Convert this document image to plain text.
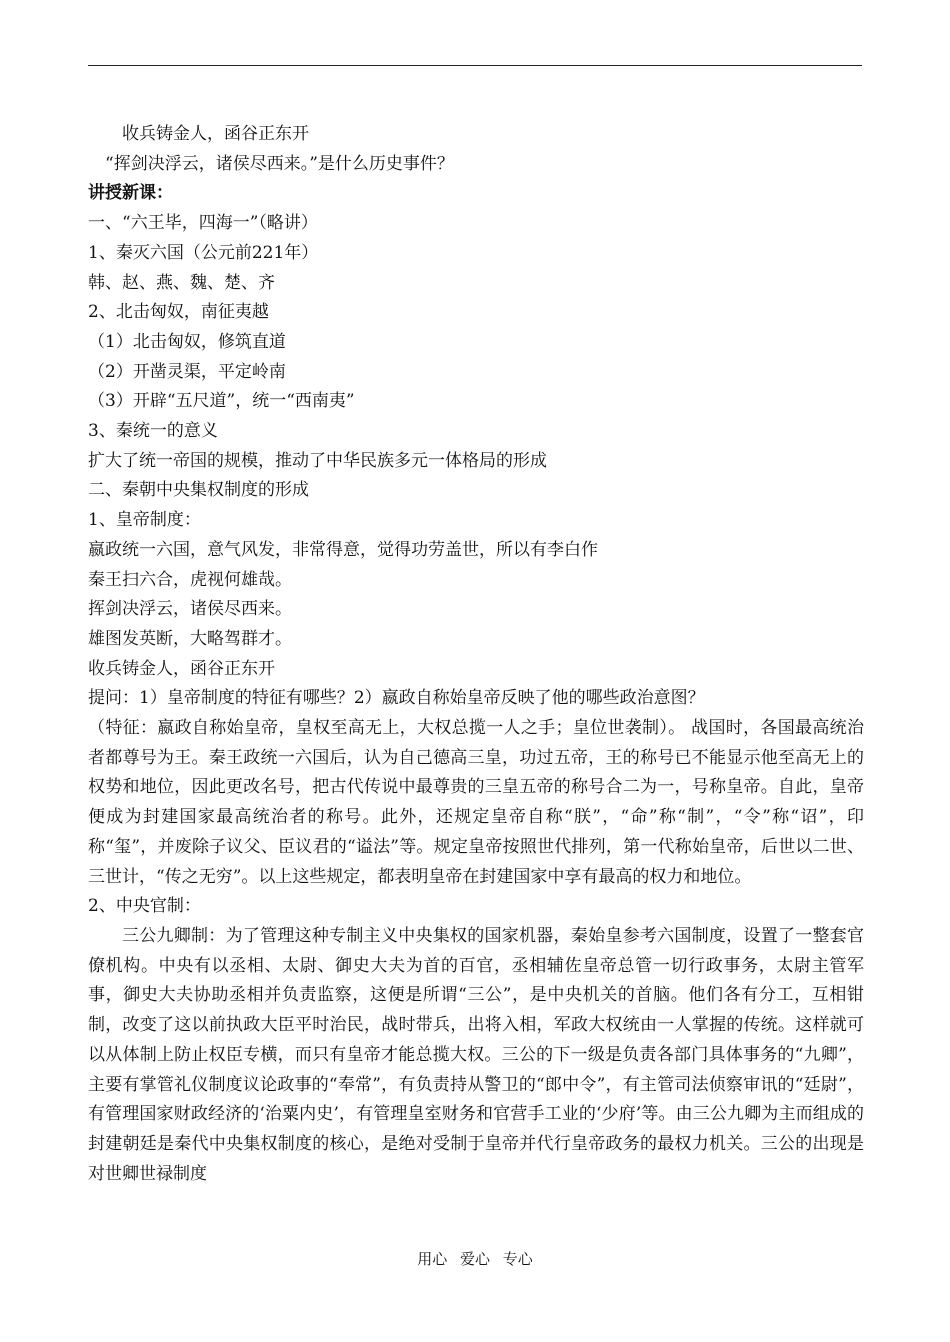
收兵铸金人，函谷正东开
“挥剑决浮云，诸侯尽西来。”是什么历史事件？
讲授新课：
一、“六王毕，四海一”（略讲）
1、秦灭六国（公元前221年）
韩、赵、燕、魏、楚、齐
2、北击匈奴，南征夷越
（1）北击匈奴，修筑直道
（2）开凿灵渠，平定岭南
（3）开辟“五尺道”，统一“西南夷”
3、秦统一的意义
扩大了统一帝国的规模，推动了中华民族多元一体格局的形成
二、秦朝中央集权制度的形成
1、皇帝制度：
嬴政统一六国，意气风发，非常得意，觉得功劳盖世，所以有李白作
秦王扫六合，虎视何雄哉。
挥剑决浮云，诸侯尽西来。
雄图发英断，大略驾群才。
收兵铸金人，函谷正东开
提问：1）皇帝制度的特征有哪些？2）嬴政自称始皇帝反映了他的哪些政治意图？
（特征：嬴政自称始皇帝，皇权至高无上，大权总揽一人之手；皇位世袭制）。 战国时，各国最高统治者都尊号为王。秦王政统一六国后，认为自己德高三皇，功过五帝，王的称号已不能显示他至高无上的权势和地位，因此更改名号，把古代传说中最尊贵的三皇五帝的称号合二为一，号称皇帝。自此，皇帝便成为封建国家最高统治者的称号。此外，还规定皇帝自称“朕”，“命”称“制”，“令”称“诏”，印称“玺”，并废除子议父、臣议君的“谥法”等。规定皇帝按照世代排列，第一代称始皇帝，后世以二世、三世计，“传之无穷”。以上这些规定，都表明皇帝在封建国家中享有最高的权力和地位。
2、中央官制：
三公九卿制：为了管理这种专制主义中央集权的国家机器，秦始皇参考六国制度，设置了一整套官僚机构。中央有以丞相、太尉、御史大夫为首的百官，丞相辅佐皇帝总管一切行政事务，太尉主管军事，御史大夫协助丞相并负责监察，这便是所谓“三公”，是中央机关的首脑。他们各有分工，互相钳制，改变了这以前执政大臣平时治民，战时带兵，出将入相，军政大权统由一人掌握的传统。这样就可以从体制上防止权臣专横，而只有皇帝才能总揽大权。三公的下一级是负责各部门具体事务的“九卿”，主要有掌管礼仪制度议论政事的“奉常”，有负责持从警卫的“郎中令”，有主管司法侦察审讯的“廷尉”，有管理国家财政经济的‘治粟内史’，有管理皇室财务和官营手工业的‘少府’等。由三公九卿为主而组成的封建朝廷是秦代中央集权制度的核心，是绝对受制于皇帝并代行皇帝政务的最权力机关。三公的出现是对世卿世禄制度
用心 爱心 专心
